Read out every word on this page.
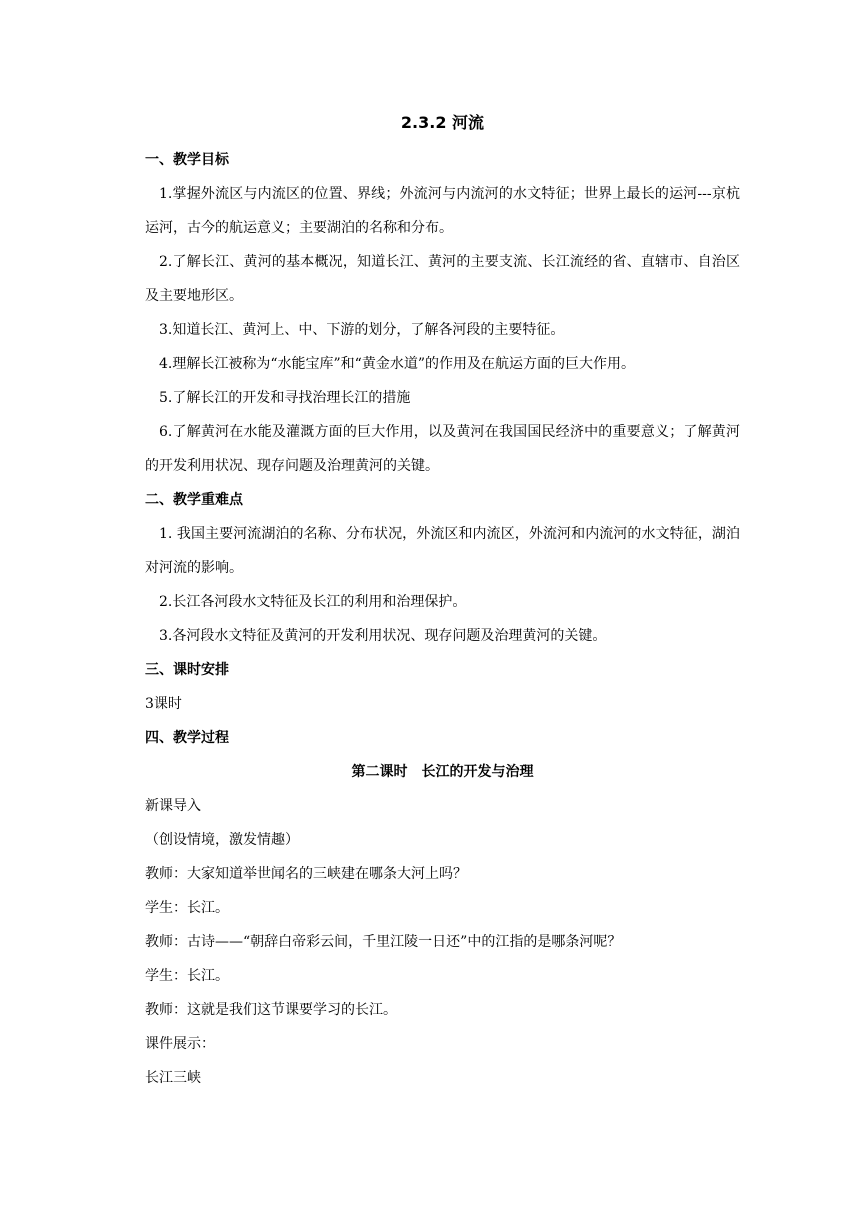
2.3.2 河流
一、教学目标

1.掌握外流区与内流区的位置、界线；外流河与内流河的水文特征；世界上最长的运河---京杭运河，古今的航运意义；主要湖泊的名称和分布。

2.了解长江、黄河的基本概况，知道长江、黄河的主要支流、长江流经的省、直辖市、自治区及主要地形区。

3.知道长江、黄河上、中、下游的划分，了解各河段的主要特征。

4.理解长江被称为“水能宝库”和“黄金水道”的作用及在航运方面的巨大作用。

5.了解长江的开发和寻找治理长江的措施

6.了解黄河在水能及灌溉方面的巨大作用，以及黄河在我国国民经济中的重要意义；了解黄河的开发利用状况、现存问题及治理黄河的关键。

二、教学重难点

1. 我国主要河流湖泊的名称、分布状况，外流区和内流区，外流河和内流河的水文特征，湖泊对河流的影响。

2.长江各河段水文特征及长江的利用和治理保护。

3.各河段水文特征及黄河的开发利用状况、现存问题及治理黄河的关键。

三、课时安排

3课时

四、教学过程
第二课时　长江的开发与治理

新课导入

（创设情境，激发情趣）

教师：大家知道举世闻名的三峡建在哪条大河上吗？

学生：长江。

教师：古诗——“朝辞白帝彩云间，千里江陵一日还”中的江指的是哪条河呢？

学生：长江。

教师：这就是我们这节课要学习的长江。

课件展示：

长江三峡
